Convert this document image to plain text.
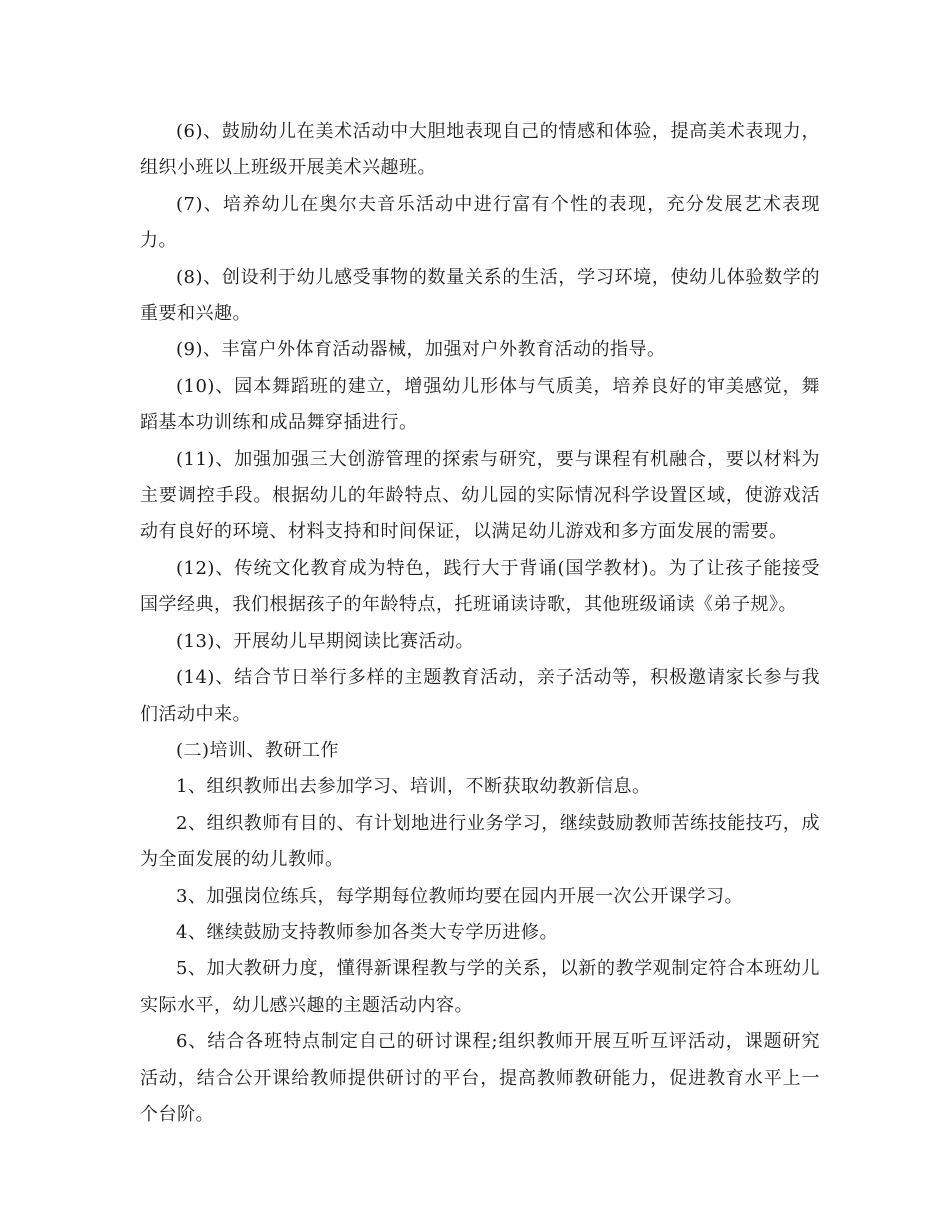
(6)、鼓励幼儿在美术活动中大胆地表现自己的情感和体验，提高美术表现力，组织小班以上班级开展美术兴趣班。

(7)、培养幼儿在奥尔夫音乐活动中进行富有个性的表现，充分发展艺术表现力。

(8)、创设利于幼儿感受事物的数量关系的生活，学习环境，使幼儿体验数学的重要和兴趣。

(9)、丰富户外体育活动器械，加强对户外教育活动的指导。

(10)、园本舞蹈班的建立，增强幼儿形体与气质美，培养良好的审美感觉，舞蹈基本功训练和成品舞穿插进行。

(11)、加强加强三大创游管理的探索与研究，要与课程有机融合，要以材料为主要调控手段。根据幼儿的年龄特点、幼儿园的实际情况科学设置区域，使游戏活动有良好的环境、材料支持和时间保证，以满足幼儿游戏和多方面发展的需要。

(12)、传统文化教育成为特色，践行大于背诵(国学教材)。为了让孩子能接受国学经典，我们根据孩子的年龄特点，托班诵读诗歌，其他班级诵读《弟子规》。

(13)、开展幼儿早期阅读比赛活动。

(14)、结合节日举行多样的主题教育活动，亲子活动等，积极邀请家长参与我们活动中来。

(二)培训、教研工作

1、组织教师出去参加学习、培训，不断获取幼教新信息。

2、组织教师有目的、有计划地进行业务学习，继续鼓励教师苦练技能技巧，成为全面发展的幼儿教师。

3、加强岗位练兵，每学期每位教师均要在园内开展一次公开课学习。

4、继续鼓励支持教师参加各类大专学历进修。

5、加大教研力度，懂得新课程教与学的关系，以新的教学观制定符合本班幼儿实际水平，幼儿感兴趣的主题活动内容。

6、结合各班特点制定自己的研讨课程;组织教师开展互听互评活动，课题研究活动，结合公开课给教师提供研讨的平台，提高教师教研能力，促进教育水平上一个台阶。
